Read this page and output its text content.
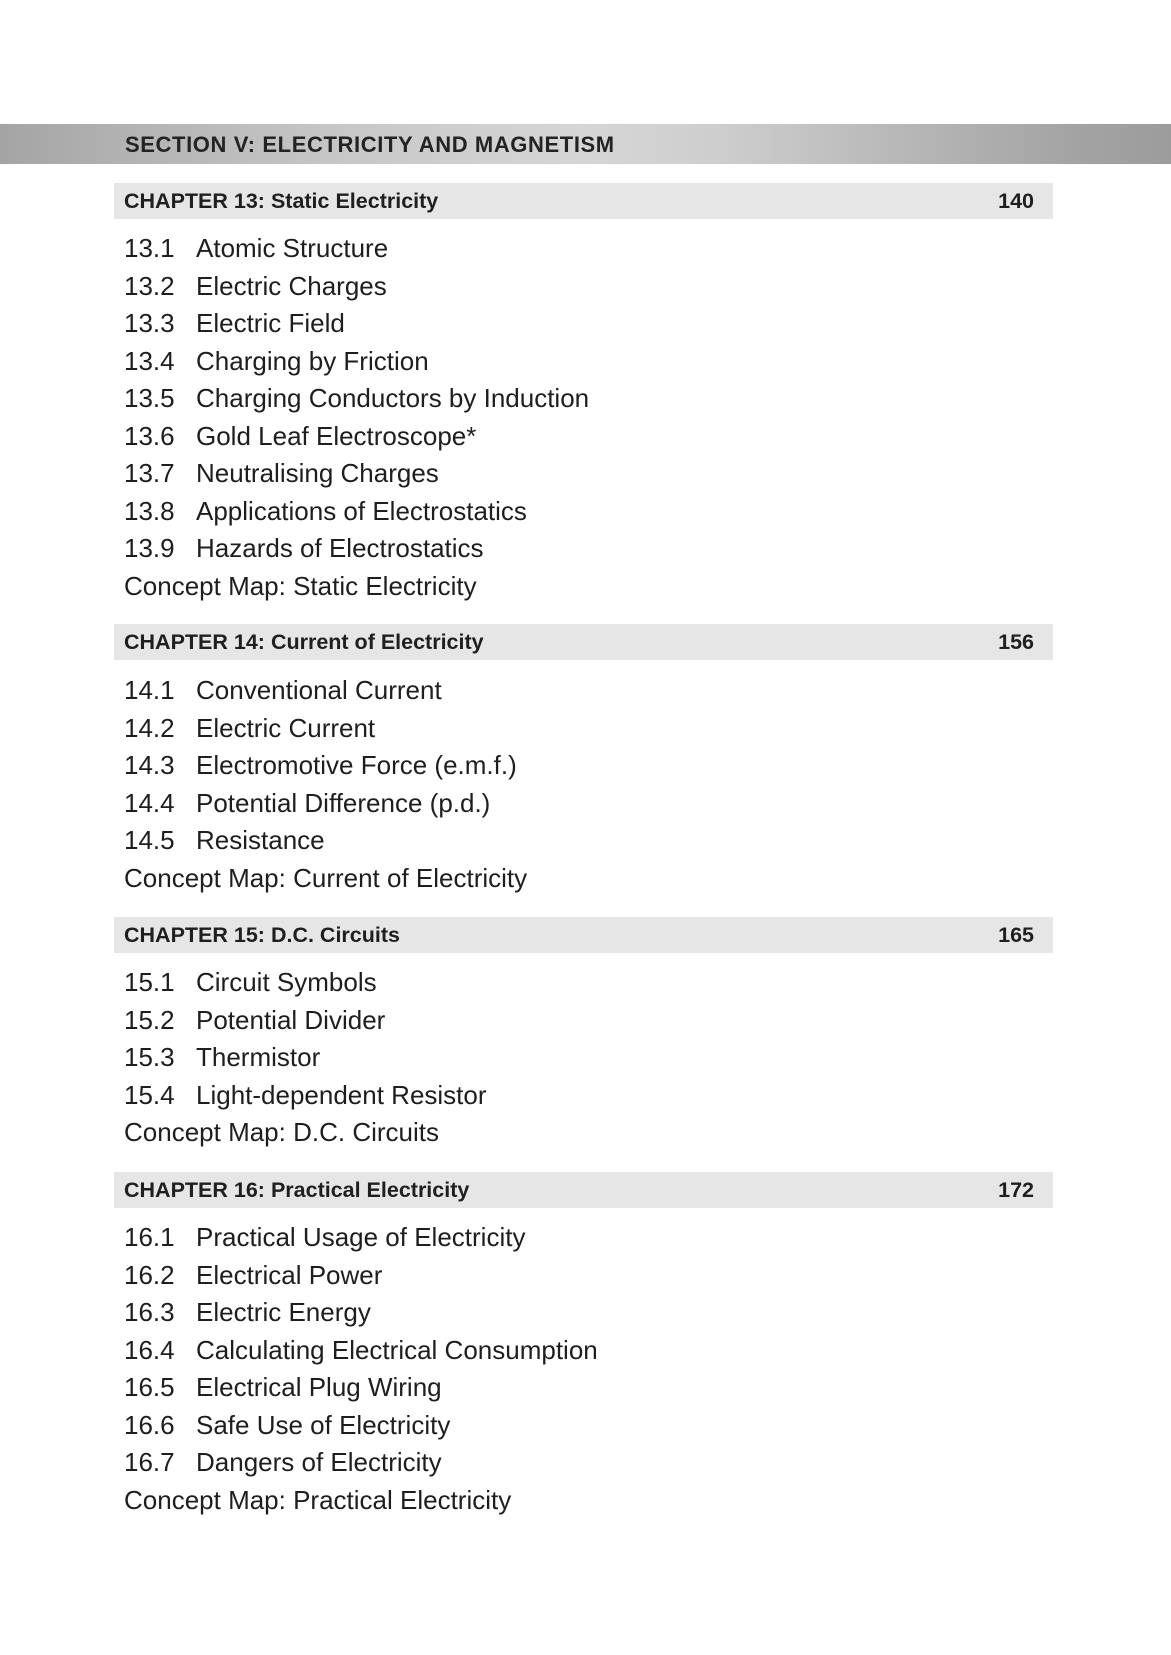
SECTION V: ELECTRICITY AND MAGNETISM
CHAPTER 13: Static Electricity	140
13.1 Atomic Structure
13.2 Electric Charges
13.3 Electric Field
13.4 Charging by Friction
13.5 Charging Conductors by Induction
13.6 Gold Leaf Electroscope*
13.7 Neutralising Charges
13.8 Applications of Electrostatics
13.9 Hazards of Electrostatics
Concept Map: Static Electricity
CHAPTER 14: Current of Electricity	156
14.1 Conventional Current
14.2 Electric Current
14.3 Electromotive Force (e.m.f.)
14.4 Potential Difference (p.d.)
14.5 Resistance
Concept Map: Current of Electricity
CHAPTER 15: D.C. Circuits	165
15.1 Circuit Symbols
15.2 Potential Divider
15.3 Thermistor
15.4 Light-dependent Resistor
Concept Map: D.C. Circuits
CHAPTER 16: Practical Electricity	172
16.1 Practical Usage of Electricity
16.2 Electrical Power
16.3 Electric Energy
16.4 Calculating Electrical Consumption
16.5 Electrical Plug Wiring
16.6 Safe Use of Electricity
16.7 Dangers of Electricity
Concept Map: Practical Electricity
